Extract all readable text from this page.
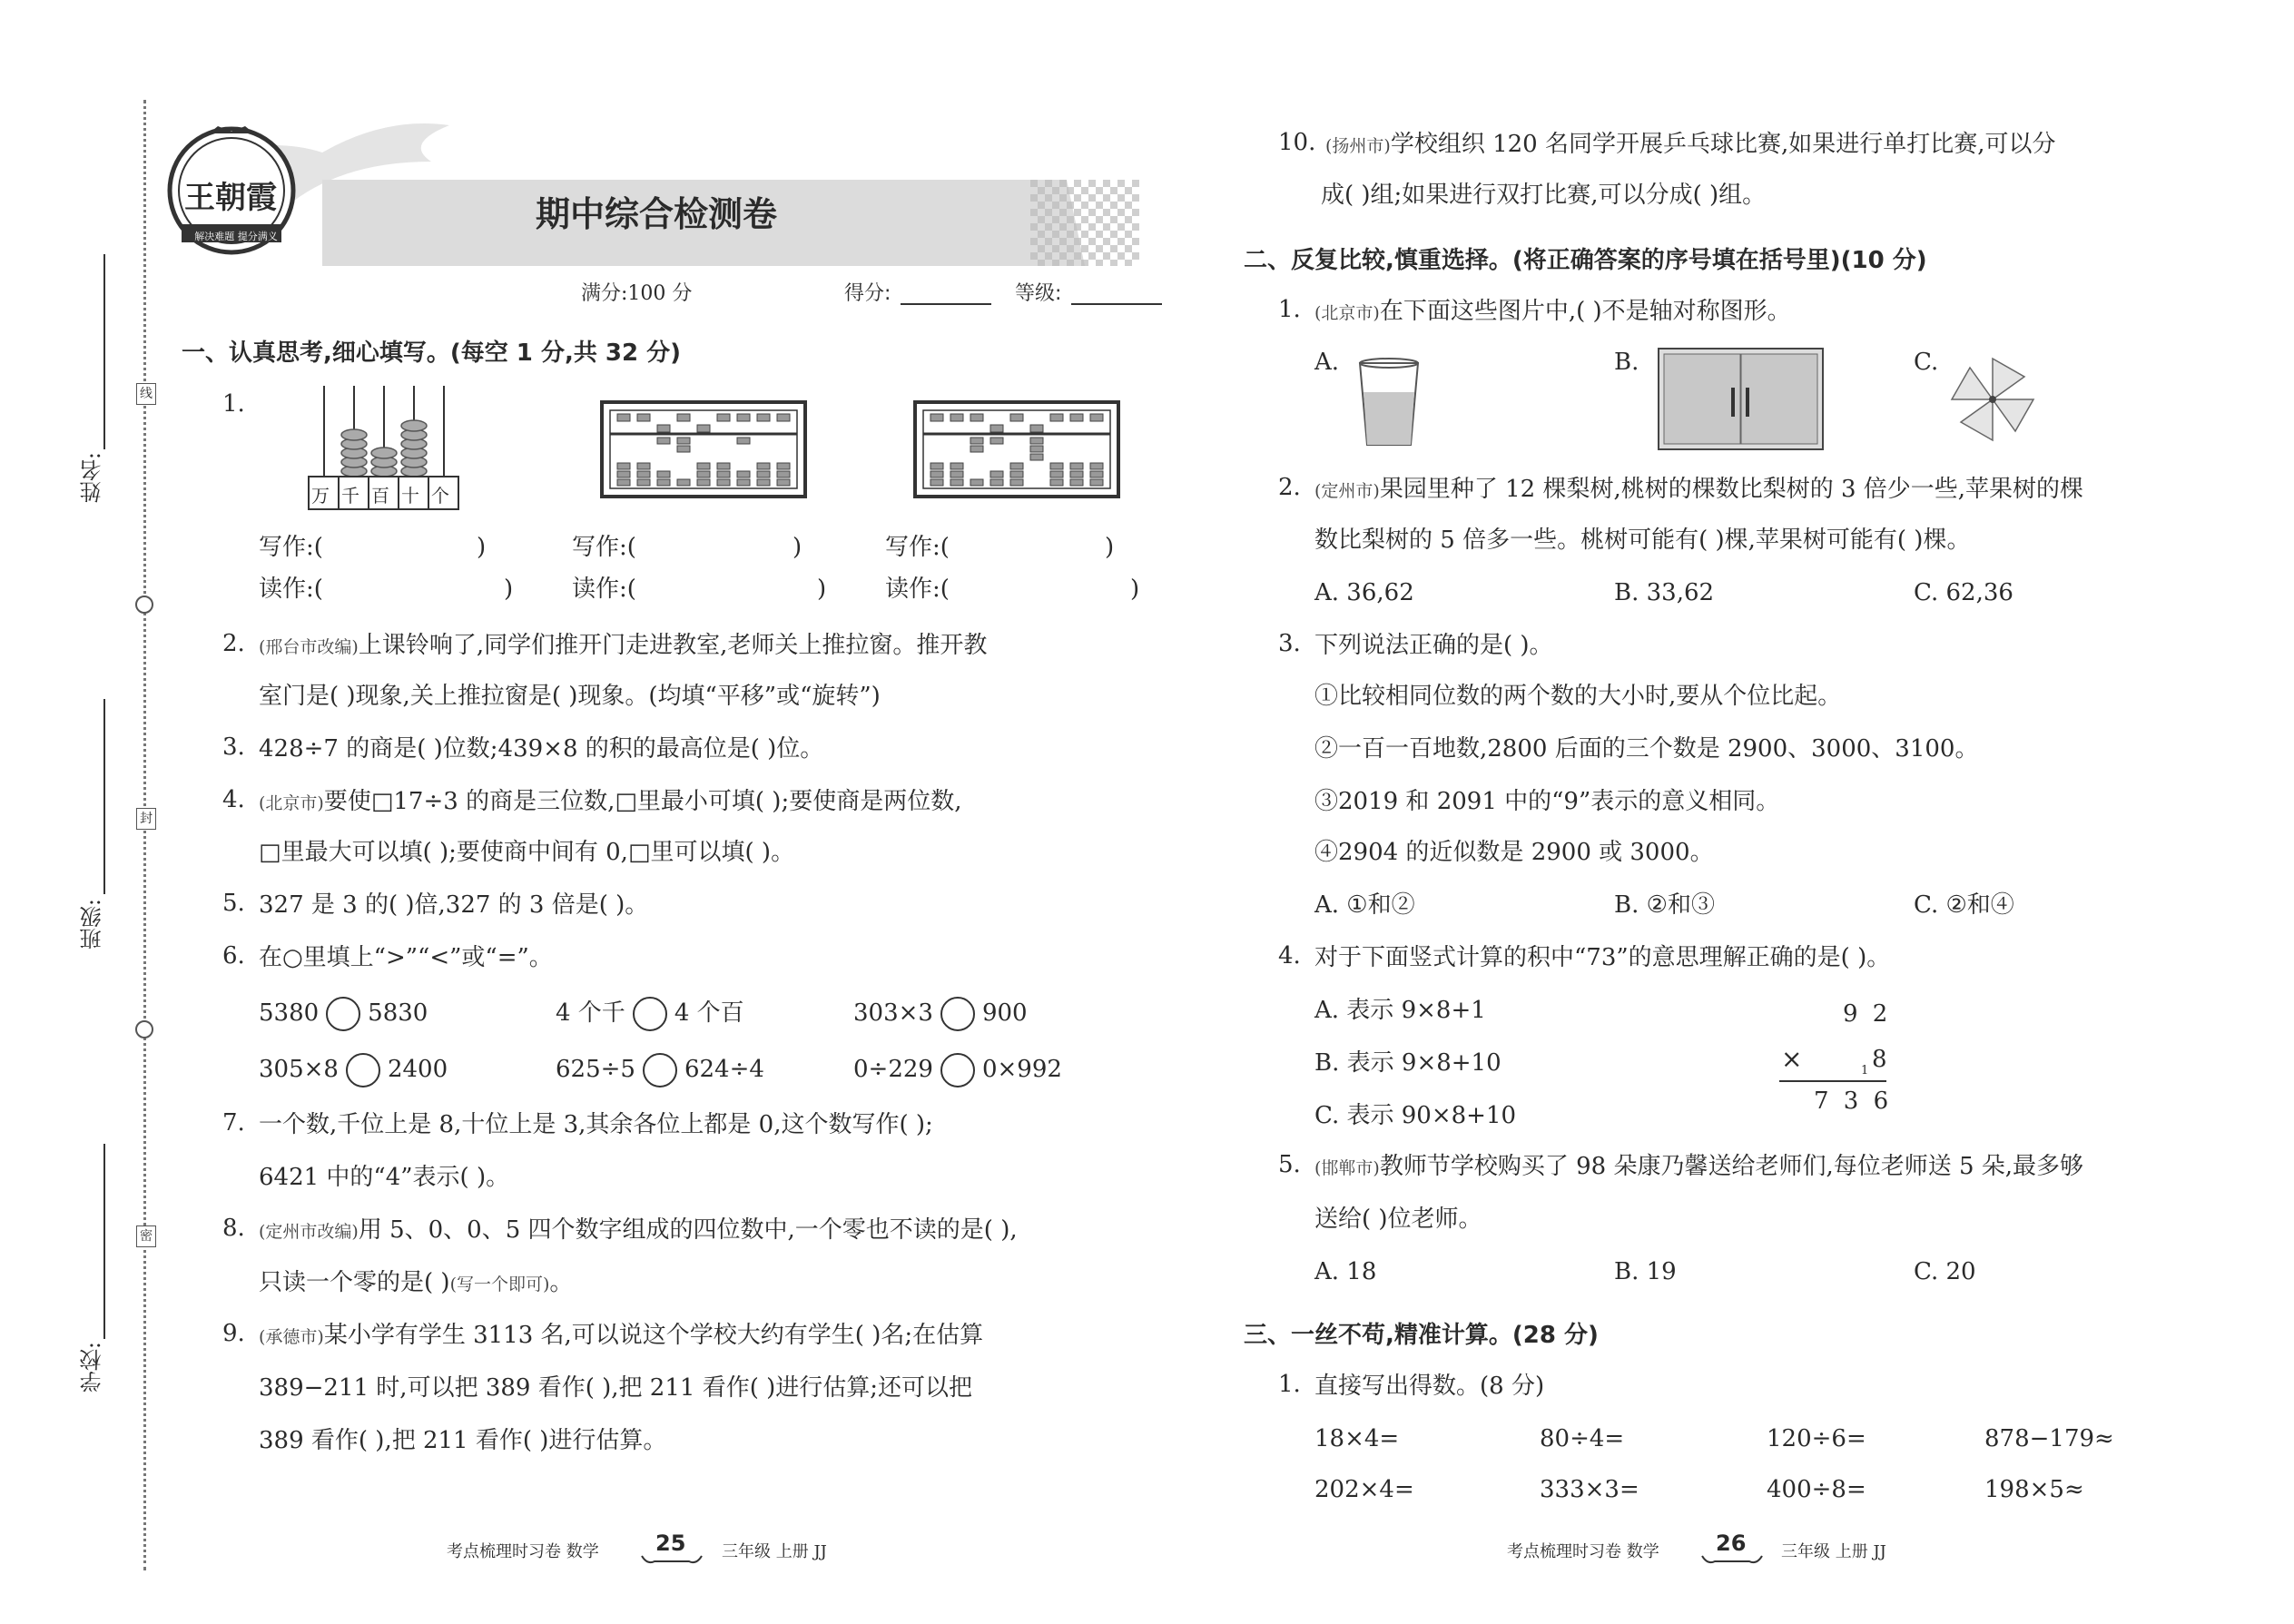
线
封
密
姓名:
班级:
学校:
王朝霞
解决难题 提分满义
期中综合检测卷
满分:100 分	得分:	等级:
一、认真思考,细心填写。(每空 1 分,共 32 分)
1.
万 千 百 十 个
写作:(	)	写作:(	)	写作:(	)
读作:(	) 读作:(	) 读作:(	)
2. (邢台市改编)上课铃响了,同学们推开门走进教室,老师关上推拉窗。推开教
室门是( )现象,关上推拉窗是( )现象。(均填“平移”或“旋转”)
3. 428÷7 的商是( )位数;439×8 的积的最高位是( )位。
4. (北京市)要使□17÷3 的商是三位数,□里最小可填( );要使商是两位数,
□里最大可以填( );要使商中间有 0,□里可以填( )。
5. 327 是 3 的( )倍,327 的 3 倍是( )。
6. 在○里填上“>”“<”或“=”。
5380 5830	4 个千 4 个百	303×3 900
305×8 2400	625÷5 624÷4	0÷229 0×992
7. 一个数,千位上是 8,十位上是 3,其余各位上都是 0,这个数写作( );
6421 中的“4”表示( )。
8. (定州市改编)用 5、0、0、5 四个数字组成的四位数中,一个零也不读的是( ),
只读一个零的是( )(写一个即可)。
9. (承德市)某小学有学生 3113 名,可以说这个学校大约有学生( )名;在估算
389−211 时,可以把 389 看作( ),把 211 看作( )进行估算;还可以把
389 看作( ),把 211 看作( )进行估算。
考点梳理时习卷 数学	25 三年级 上册 JJ
10. (扬州市)学校组织 120 名同学开展乒乓球比赛,如果进行单打比赛,可以分
成( )组;如果进行双打比赛,可以分成( )组。
二、反复比较,慎重选择。(将正确答案的序号填在括号里)(10 分)
1. (北京市)在下面这些图片中,( )不是轴对称图形。
A.	B.	C.
2. (定州市)果园里种了 12 棵梨树,桃树的棵数比梨树的 3 倍少一些,苹果树的棵
数比梨树的 5 倍多一些。桃树可能有( )棵,苹果树可能有( )棵。
A. 36,62	B. 33,62	C. 62,36
3. 下列说法正确的是( )。
①比较相同位数的两个数的大小时,要从个位比起。
②一百一百地数,2800 后面的三个数是 2900、3000、3100。
③2019 和 2091 中的“9”表示的意义相同。
④2904 的近似数是 2900 或 3000。
A. ①和②	B. ②和③	C. ②和④
4. 对于下面竖式计算的积中“73”的意思理解正确的是( )。
A. 表示 9×8+1
B. 表示 9×8+10
C. 表示 90×8+10
9 2
×	8
1
7 3 6
5. (邯郸市)教师节学校购买了 98 朵康乃馨送给老师们,每位老师送 5 朵,最多够
送给( )位老师。
A. 18	B. 19	C. 20
三、一丝不苟,精准计算。(28 分)
1. 直接写出得数。(8 分)
18×4=	80÷4=	120÷6=	878−179≈
202×4=	333×3=	400÷8=	198×5≈
考点梳理时习卷 数学	26 三年级 上册 JJ
